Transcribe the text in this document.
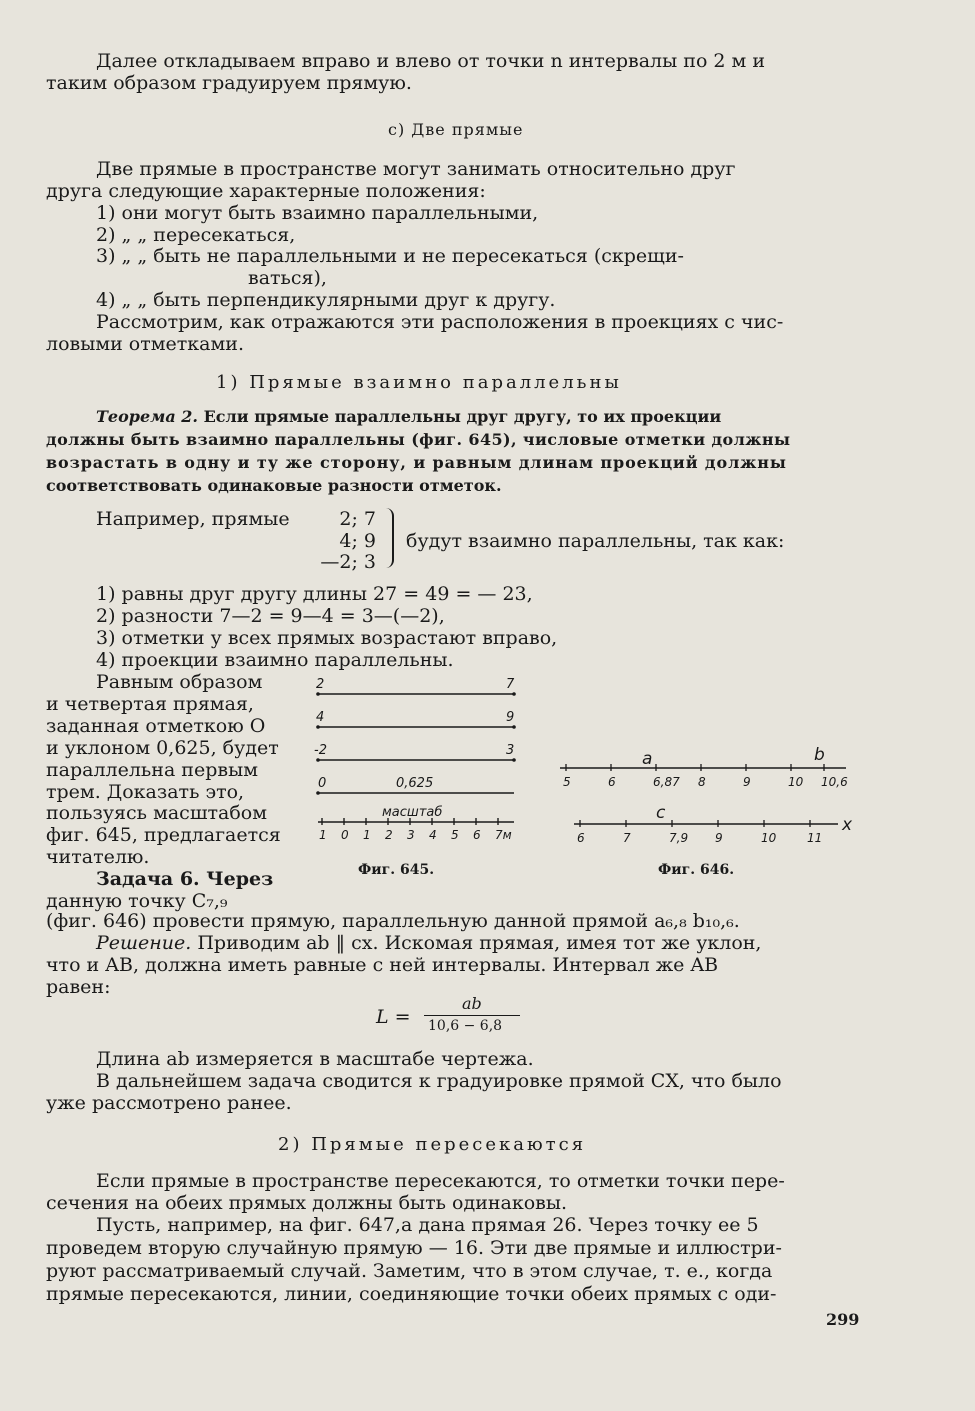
Далее откладываем вправо и влево от точки n интервалы по 2 м и
таким образом градуируем прямую.
с) Две прямые
Две прямые в пространстве могут занимать относительно друг
друга следующие характерные положения:
1) они могут быть взаимно параллельными,
2) „ „ пересекаться,
3) „ „ быть не параллельными и не пересекаться (скрещи-
ваться),
4) „ „ быть перпендикулярными друг к другу.
Рассмотрим, как отражаются эти расположения в проекциях с чис-
ловыми отметками.
1) Прямые взаимно параллельны
Теорема 2. Если прямые параллельны друг другу, то их проекции
должны быть взаимно параллельны (фиг. 645), числовые отметки должны
возрастать в одну и ту же сторону, и равным длинам проекций должны
соответствовать одинаковые разности отметок.
Например, прямые	2; 7
4; 9
—2; 3
будут взаимно параллельны, так как:
1) равны друг другу длины 27 = 49 = — 23,
2) разности 7—2 = 9—4 = 3—(—2),
3) отметки у всех прямых возрастают вправо,
4) проекции взаимно параллельны.
Равным образом
и четвертая прямая,
заданная отметкою О
и уклоном 0,625, будет
параллельна первым
трем. Доказать это,
пользуясь масштабом
фиг. 645, предлагается
читателю.
Задача 6. Через
данную точку C₇,₉
2	7
4	9
-2	3
0	0,625
масштаб
1 0 1 2 3 4 5 6 7м
Фиг. 645.
5	6	6,87 8	9	10 10,6
6	7	7,9 9	10	11
a	b
c
x
Фиг. 646.
(фиг. 646) провести прямую, параллельную данной прямой a₆,₈ b₁₀,₆.
Решение. Приводим ab ‖ cx. Искомая прямая, имея тот же уклон,
что и AB, должна иметь равные с ней интервалы. Интервал же AB
равен:
L =
ab
10,6 − 6,8
Длина ab измеряется в масштабе чертежа.
В дальнейшем задача сводится к градуировке прямой CX, что было
уже рассмотрено ранее.
2) Прямые пересекаются
Если прямые в пространстве пересекаются, то отметки точки пере-
сечения на обеих прямых должны быть одинаковы.
Пусть, например, на фиг. 647,а дана прямая 26. Через точку ее 5
проведем вторую случайную прямую — 16. Эти две прямые и иллюстри-
руют рассматриваемый случай. Заметим, что в этом случае, т. е., когда
прямые пересекаются, линии, соединяющие точки обеих прямых с оди-
299
